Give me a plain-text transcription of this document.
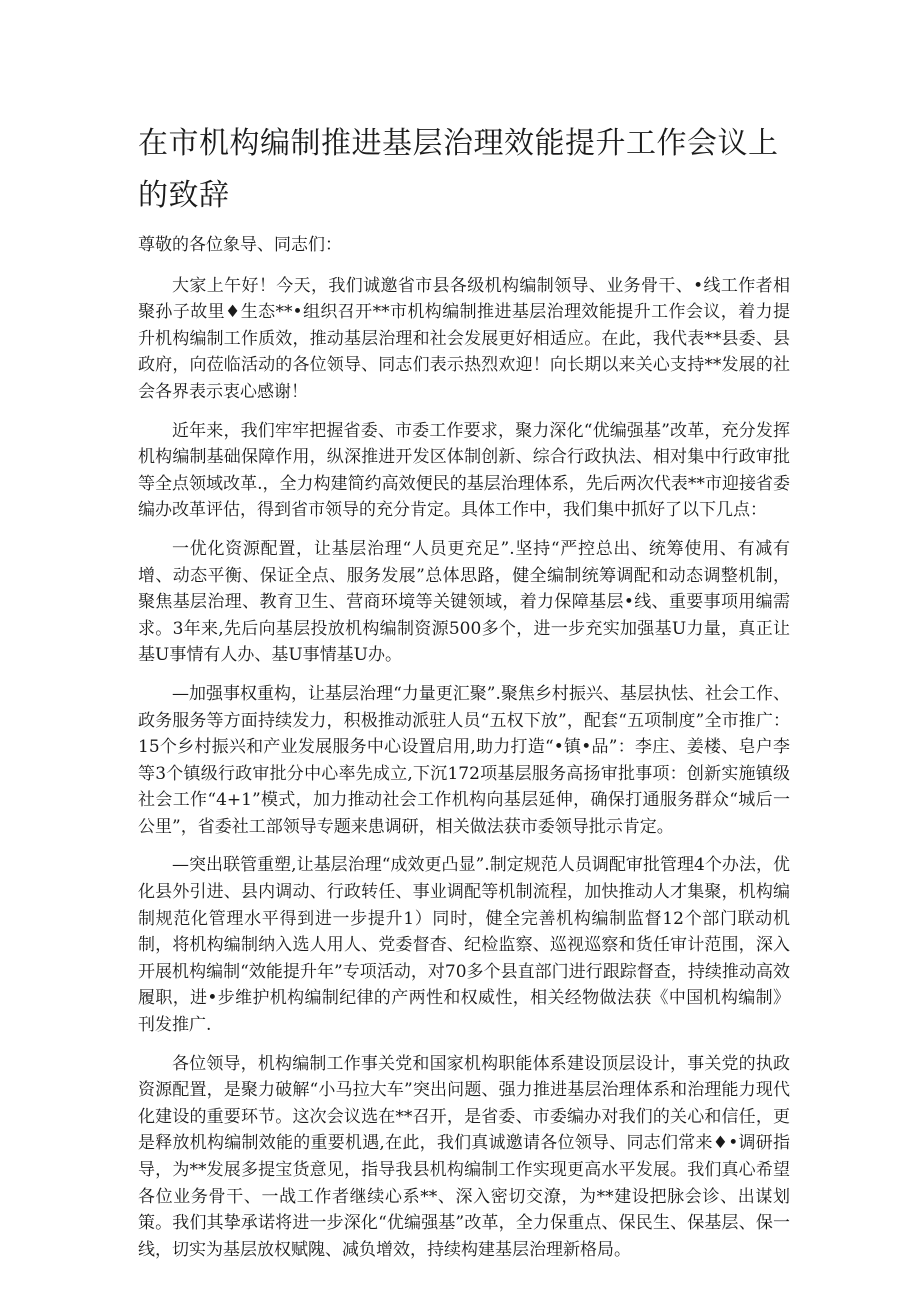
在市机构编制推进基层治理效能提升工作会议上的致辞

尊敬的各位象导、同志们：

大家上午好！今天，我们诚邀省市县各级机构编制领导、业务骨干、•线工作者相聚孙子故里♦生态**•组织召开**市机构编制推进基层治理效能提升工作会议，着力提升机构编制工作质效，推动基层治理和社会发展更好相适应。在此，我代表**县委、县政府，向莅临活动的各位领导、同志们表示热烈欢迎！向长期以来关心支持**发展的社会各界表示衷心感谢！

近年来，我们牢牢把握省委、市委工作要求，聚力深化“优编强基”改革，充分发挥机构编制基础保障作用，纵深推进开发区体制创新、综合行政执法、相对集中行政审批等全点领域改革.，全力构建简约高效便民的基层治理体系，先后两次代表**市迎接省委编办改革评估，得到省市领导的充分肯定。具体工作中，我们集中抓好了以下几点：

一优化资源配置，让基层治理“人员更充足”.坚持“严控总出、统筹使用、有减有增、动态平衡、保证全点、服务发展”总体思路，健全编制统筹调配和动态调整机制，聚焦基层治理、教育卫生、营商环境等关键领域，着力保障基层•线、重要事项用编需求。3年来,先后向基层投放机构编制资源500多个，进一步充实加强基U力量，真正让基U事情有人办、基U事情基U办。

—加强事权重构，让基层治理“力量更汇聚”.聚焦乡村振兴、基层执怯、社会工作、政务服务等方面持续发力，积极推动派驻人员“五权下放”，配套“五项制度”全市推广：15个乡村振兴和产业发展服务中心设置启用,助力打造“•镇•品”：李庄、姜楼、皂户李等3个镇级行政审批分中心率先成立,下沉172项基层服务高扬审批事项：创新实施镇级社会工作“4+1”模式，加力推动社会工作机构向基层延伸，确保打通服务群众“城后一公里”，省委社工部领导专题来患调研，相关做法获市委领导批示肯定。

—突出联管重塑,让基层治理“成效更凸显”.制定规范人员调配审批管理4个办法，优化县外引进、县内调动、行政转任、事业调配等机制流程，加快推动人才集聚，机构编制规范化管理水平得到进一步提升1）同时，健全完善机构编制监督12个部门联动机制，将机构编制纳入选人用人、党委督杳、纪检监察、巡视巡察和货任审计范围，深入开展机构编制“效能提升年”专项活动，对70多个县直部门进行跟踪督查，持续推动高效履职，进•步维护机构编制纪律的产两性和权威性，相关经物做法获《中国机构编制》刊发推广.

各位领导，机构编制工作事关党和国家机构职能体系建设顶层设计，事关党的执政资源配置，是聚力破解“小马拉大车”突出问题、强力推进基层治理体系和治理能力现代化建设的重要环节。这次会议选在**召开，是省委、市委编办对我们的关心和信任，更是释放机构编制效能的重要机遇,在此，我们真诚邀请各位领导、同志们常来♦•调研指导，为**发展多提宝货意见，指导我县机构编制工作实现更高水平发展。我们真心希望各位业务骨干、一战工作者继续心系**、深入密切交潦，为**建设把脉会诊、出谋划策。我们其挚承诺将进一步深化“优编强基”改革，全力保重点、保民生、保基层、保一线，切实为基层放权赋隗、减负增效，持续构建基层治理新格局。
